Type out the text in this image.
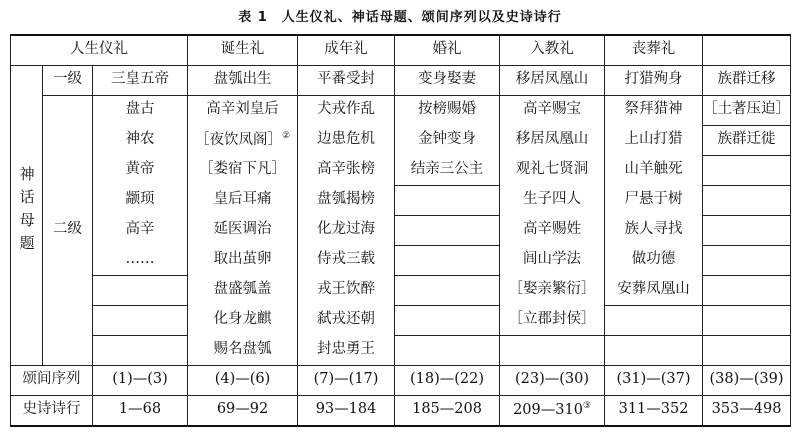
表 1　人生仪礼、神话母题、颂间序列以及史诗诗行
人生仪礼			诞生礼	成年礼	婚礼	入教礼	丧葬礼	
神话母题	一级	三皇五帝	盘瓠出生	平番受封	变身娶妻	移居凤凰山	打猎殉身	族群迁移
	二级	盘古	高辛刘皇后	犬戎作乱	按榜赐婚	高辛赐宝	祭拜猎神	［土著压迫］
		神农	［夜饮凤阁］②	边患危机	金钟变身	移居凤凰山	上山打猎	族群迁徙
		黄帝	［娄宿下凡］	高辛张榜	结亲三公主	观礼七贤洞	山羊触死	
		颛顼	皇后耳痛	盘瓠揭榜		生子四人	尸悬于树	
		高辛	延医调治	化龙过海		高辛赐姓	族人寻找	
		……	取出茧卵	侍戎三载		闾山学法	做功德	
			盘盛瓠盖	戎王饮醉		［娶亲繁衍］	安葬凤凰山	
			化身龙麒	弑戎还朝		［立郡封侯］		
			赐名盘瓠	封忠勇王				
颂间序列		(1)—(3)	(4)—(6)	(7)—(17)	(18)—(22)	(23)—(30)	(31)—(37)	(38)—(39)
史诗诗行		1—68	69—92	93—184	185—208	209—310③	311—352	353—498
